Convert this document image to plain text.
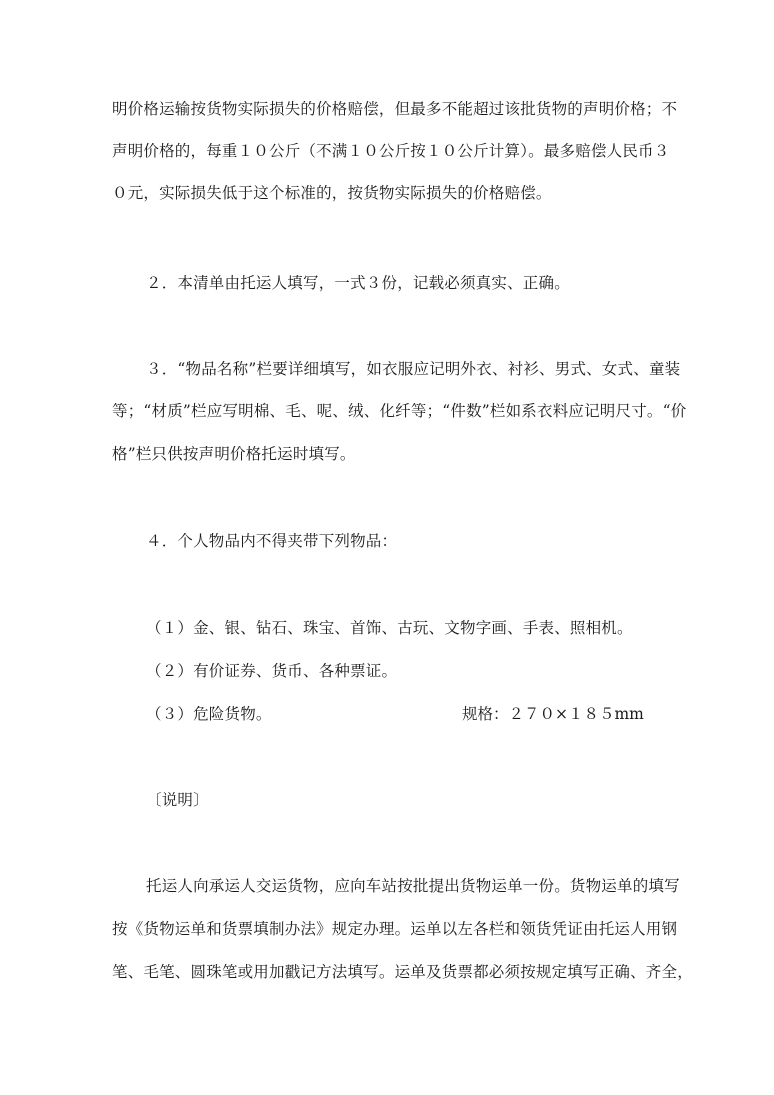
明价格运输按货物实际损失的价格赔偿，但最多不能超过该批货物的声明价格；不
声明价格的，每重１０公斤（不满１０公斤按１０公斤计算）。最多赔偿人民币３
０元，实际损失低于这个标准的，按货物实际损失的价格赔偿。
２．本清单由托运人填写，一式３份，记载必须真实、正确。
３．“物品名称”栏要详细填写，如衣服应记明外衣、衬衫、男式、女式、童装
等；“材质”栏应写明棉、毛、呢、绒、化纤等；“件数”栏如系衣料应记明尺寸。“价
格”栏只供按声明价格托运时填写。
４．个人物品内不得夹带下列物品：
（１）金、银、钻石、珠宝、首饰、古玩、文物字画、手表、照相机。
（２）有价证券、货币、各种票证。
（３）危险货物。	规格：２７０×１８５mm
〔说明〕
托运人向承运人交运货物，应向车站按批提出货物运单一份。货物运单的填写
按《货物运单和货票填制办法》规定办理。运单以左各栏和领货凭证由托运人用钢
笔、毛笔、圆珠笔或用加戳记方法填写。运单及货票都必须按规定填写正确、齐全，
